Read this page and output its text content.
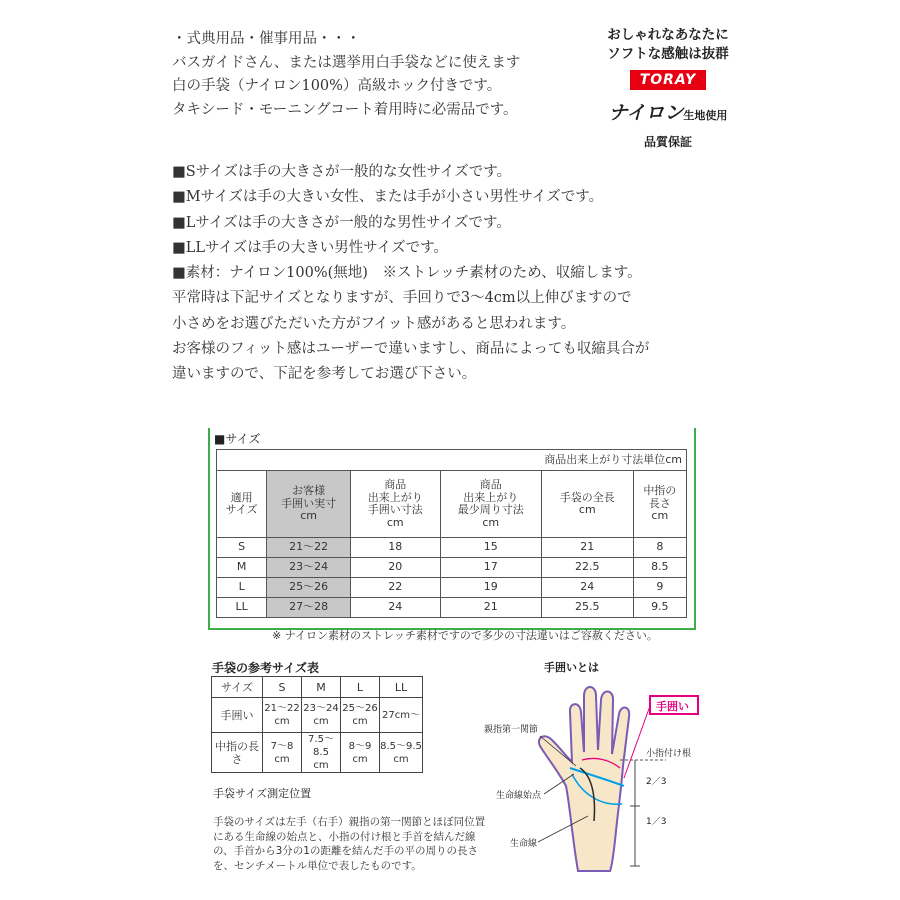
・式典用品・催事用品・・・

バスガイドさん、または選挙用白手袋などに使えます

白の手袋（ナイロン100%）高級ホック付きです。

タキシード・モーニングコート着用時に必需品です。

おしゃれなあなたに
ソフトな感触は抜群
TORAY
ナイロン生地使用
品質保証

■Sサイズは手の大きさが一般的な女性サイズです。

■Mサイズは手の大きい女性、または手が小さい男性サイズです。

■Lサイズは手の大きさが一般的な男性サイズです。

■LLサイズは手の大きい男性サイズです。

■素材：ナイロン100%(無地)　※ストレッチ素材のため、収縮します。

平常時は下記サイズとなりますが、手回りで3～4cm以上伸びますので

小さめをお選びただいた方がフイット感があると思われます。

お客様のフィット感はユーザーで違いますし、商品によっても収縮具合が

違いますので、下記を参考してお選び下さい。

■サイズ
商品出来上がり寸法単位cm					
適用
サイズ	お客様
手囲い実寸
cm	商品
出来上がり
手囲い寸法
cm	商品
出来上がり
最少周り寸法
cm	手袋の全長
cm	中指の
長さ
cm
S	21～22	18	15	21	8
M	23～24	20	17	22.5	8.5
L	25～26	22	19	24	9
LL	27～28	24	21	25.5	9.5
※ ナイロン素材のストレッチ素材ですので多少の寸法違いはご容赦ください。
手袋の参考サイズ表
サイズ	S	M	L	LL
手囲い	21～22
cm	23～24
cm	25～26
cm	27cm～
中指の長さ	7～8
cm	7.5～8.5
cm	8～9
cm	8.5～9.5
cm
手袋サイズ測定位置

手袋のサイズは左手（右手）親指の第一関節とほぼ同位置

にある生命線の始点と、小指の付け根と手首を結んだ線

の、手首から3分の1の距離を結んだ手の平の周りの長さ

を、センチメートル単位で表したものです。

手囲いとは
手囲い
親指第一関節
小指付け根
2／3
生命線始点
1／3
生命線
